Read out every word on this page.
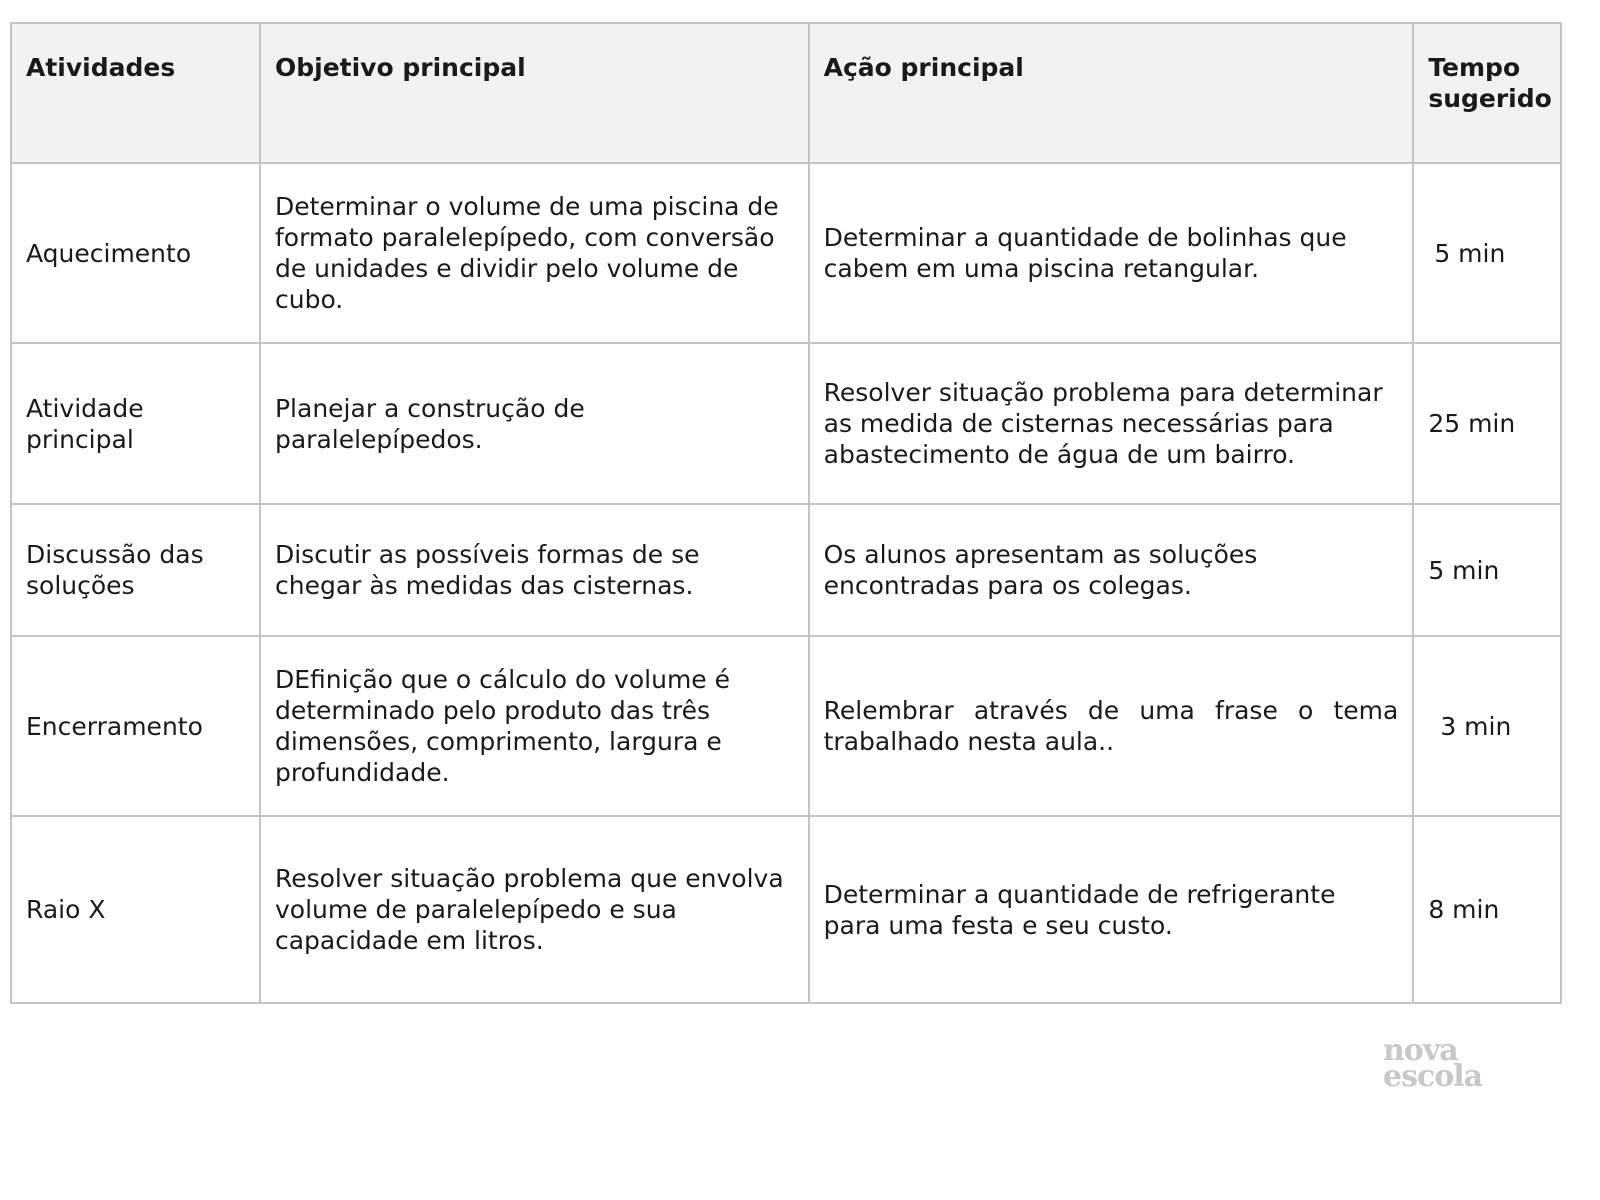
Atividades	Objetivo principal	Ação principal	Tempo sugerido
Aquecimento	Determinar o volume de uma piscina de formato paralelepípedo, com conversão de unidades e dividir pelo volume de cubo.	Determinar a quantidade de bolinhas que cabem em uma piscina retangular.	5 min
Atividade principal	Planejar a construção de paralelepípedos.	Resolver situação problema para determinar as medida de cisternas necessárias para abastecimento de água de um bairro.	25 min
Discussão das soluções	Discutir as possíveis formas de se chegar às medidas das cisternas.	Os alunos apresentam as soluções encontradas para os colegas.	5 min
Encerramento	DEfinição que o cálculo do volume é determinado pelo produto das três dimensões, comprimento, largura e profundidade.	Relembrar através de uma frase o tema trabalhado nesta aula..	3 min
Raio X	Resolver situação problema que envolva volume de paralelepípedo e sua capacidade em litros.	Determinar a quantidade de refrigerante para uma festa e seu custo.	8 min
nova
escola
